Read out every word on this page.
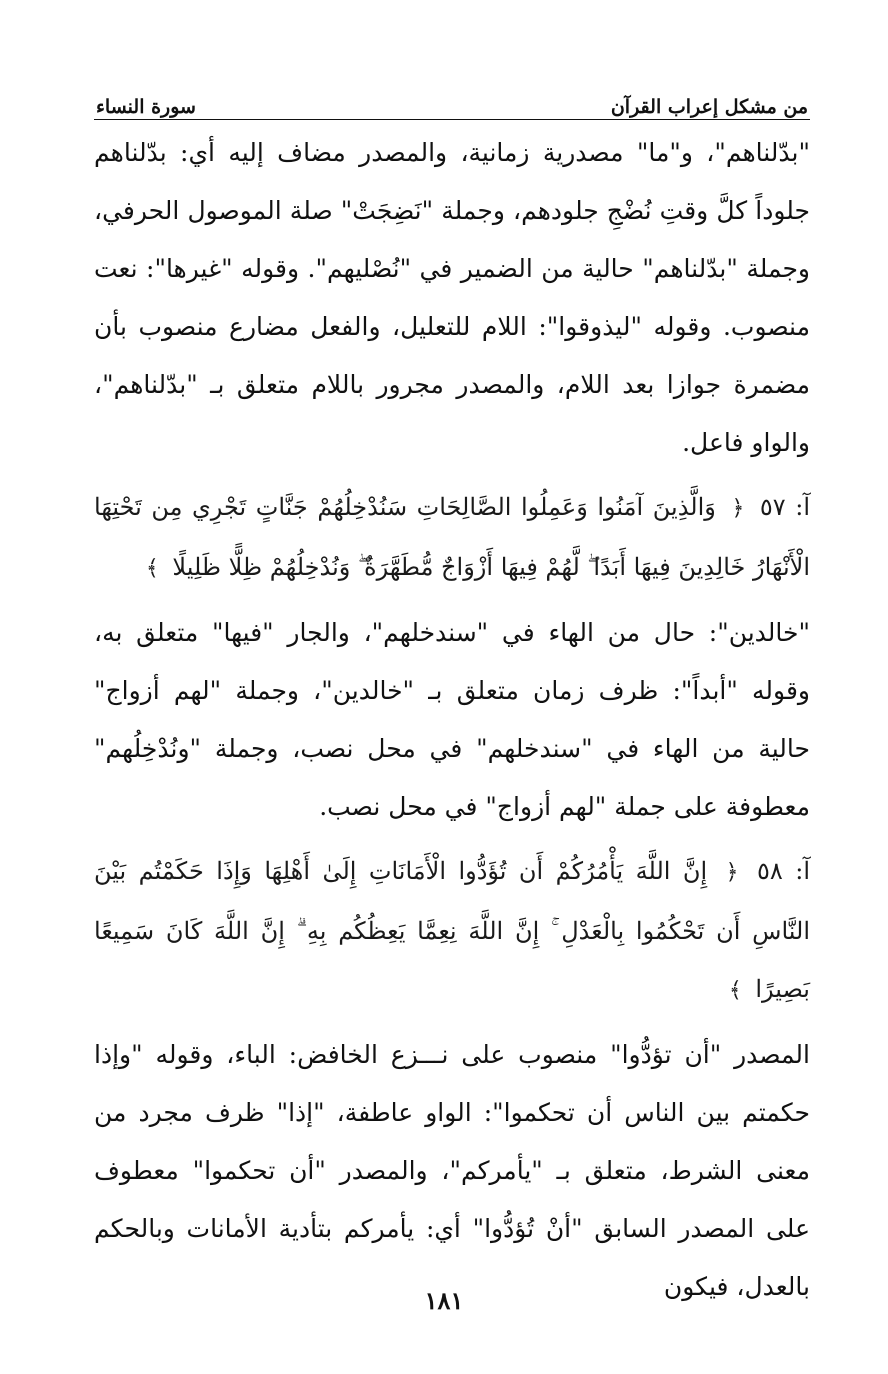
من مشكل إعراب القرآن
سورة النساء

"بدّلناهم"، و"ما" مصدرية زمانية، والمصدر مضاف إليه أي: بدّلناهم جلوداً كلَّ وقتِ نُضْجِ جلودهم، وجملة "نَضِجَتْ" صلة الموصول الحرفي، وجملة "بدّلناهم" حالية من الضمير في "نُصْليهم". وقوله "غيرها": نعت منصوب. وقوله "ليذوقوا": اللام للتعليل، والفعل مضارع منصوب بأن مضمرة جوازا بعد اللام، والمصدر مجرور باللام متعلق بـ "بدّلناهم"، والواو فاعل.

آ: ٥٧ ﴿ وَالَّذِينَ آمَنُوا وَعَمِلُوا الصَّالِحَاتِ سَنُدْخِلُهُمْ جَنَّاتٍ تَجْرِي مِن تَحْتِهَا الْأَنْهَارُ خَالِدِينَ فِيهَا أَبَدًا ۖ لَّهُمْ فِيهَا أَزْوَاجٌ مُّطَهَّرَةٌ ۖ وَنُدْخِلُهُمْ ظِلًّا ظَلِيلًا ﴾

"خالدين": حال من الهاء في "سندخلهم"، والجار "فيها" متعلق به، وقوله "أبداً": ظرف زمان متعلق بـ "خالدين"، وجملة "لهم أزواج" حالية من الهاء في "سندخلهم" في محل نصب، وجملة "ونُدْخِلُهم" معطوفة على جملة "لهم أزواج" في محل نصب.

آ: ٥٨ ﴿ إِنَّ اللَّهَ يَأْمُرُكُمْ أَن تُؤَدُّوا الْأَمَانَاتِ إِلَىٰ أَهْلِهَا وَإِذَا حَكَمْتُم بَيْنَ النَّاسِ أَن تَحْكُمُوا بِالْعَدْلِ ۚ إِنَّ اللَّهَ نِعِمَّا يَعِظُكُم بِهِ ۗ إِنَّ اللَّهَ كَانَ سَمِيعًا بَصِيرًا ﴾

المصدر "أن تؤدُّوا" منصوب على نـــزع الخافض: الباء، وقوله "وإذا حكمتم بين الناس أن تحكموا": الواو عاطفة، "إذا" ظرف مجرد من معنى الشرط، متعلق بـ "يأمركم"، والمصدر "أن تحكموا" معطوف على المصدر السابق "أنْ تُؤدُّوا" أي: يأمركم بتأدية الأمانات وبالحكم بالعدل، فيكون

١٨١
